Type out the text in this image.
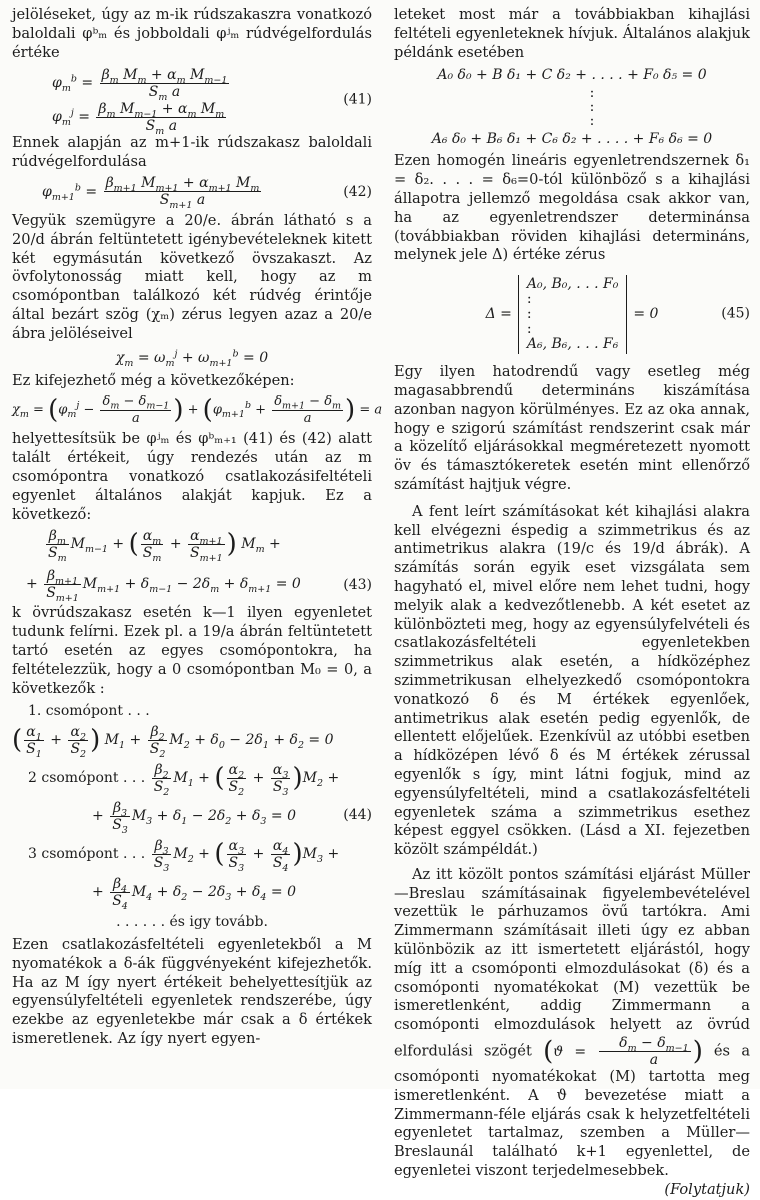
jelöléseket, úgy az m-ik rúdszakaszra vonatkozó baloldali φᵇₘ és jobboldali φʲₘ rúdvégelfordulás értéke

$\varphi_m^b = \frac{\beta_m M_m + \alpha_m M_{m-1}}{S_m a}$
$\varphi_m^j = \frac{\beta_m M_{m-1} + \alpha_m M_m}{S_m a}$
(41)

Ennek alapján az m+1-ik rúdszakasz baloldali rúdvégelfordulása

$\varphi_{m+1}^b = \frac{\beta_{m+1} M_{m+1} + \alpha_{m+1} M_m}{S_{m+1} a}$	(42)

Vegyük szemügyre a 20/e. ábrán látható s a 20/d ábrán feltüntetett igénybevételeknek kitett két egymásután következő övszakaszt. Az övfolytonosság miatt kell, hogy az m csomópontban találkozó két rúdvég érintője által bezárt szög (χₘ) zérus legyen azaz a 20/e ábra jelöléseivel

$\chi_m = \omega_m^j + \omega_{m+1}^b = 0$

Ez kifejezhető még a következőképen:

$\chi_m = (\varphi_m^j - \frac{\delta_m - \delta_{m-1}}{a}$ ) + ($\varphi_{m+1}^b + \frac{\delta_{m+1} - \delta_m}{a}$ ) = a

helyettesítsük be φʲₘ és φᵇₘ₊₁ (41) és (42) alatt talált értékeit, úgy rendezés után az m csomópontra vonatkozó csatlakozásifeltételi egyenlet általános alakját kapjuk. Ez a következő:

$\frac{\beta_m}{S_m} M_{m-1}$ + ( $\frac{\alpha_m}{S_m} + \frac{\alpha_{m+1}}{S_{m+1}}$ ) $M_m$ +
+ $\frac{\beta_{m+1}}{S_{m+1}} M_{m+1} + \delta_{m-1} - 2\delta_m + \delta_{m+1} = 0$	(43)

k övrúdszakasz esetén k—1 ilyen egyenletet tudunk felírni. Ezek pl. a 19/a ábrán feltüntetett tartó esetén az egyes csomópontokra, ha feltételezzük, hogy a 0 csomópontban M₀ = 0, a következők :

1. csomópont . . .
( $\frac{\alpha_1}{S_1} + \frac{\alpha_2}{S_2}$ ) $M_1 + \frac{\beta_2}{S_2} M_2 + \delta_0 - 2\delta_1 + \delta_2 = 0$
2 csomópont . . . $\frac{\beta_2}{S_2} M_1$ + ( $\frac{\alpha_2}{S_2} + \frac{\alpha_3}{S_3} )M_2$ +
+ $\frac{\beta_3}{S_3} M_3 + \delta_1 - 2\delta_2 + \delta_3 = 0$	(44)
3 csomópont . . . $\frac{\beta_3}{S_3} M_2$ + ( $\frac{\alpha_3}{S_3} + \frac{\alpha_4}{S_4} )M_3$ +
+ $\frac{\beta_4}{S_4} M_4 + \delta_2 - 2\delta_3 + \delta_4 = 0$
. . . . . . és igy tovább.

Ezen csatlakozásfeltételi egyenletekből a M nyomatékok a δ-ák függvényeként kifejezhetők. Ha az M így nyert értékeit behelyettesítjük az egyensúlyfeltételi egyenletek rendszerébe, úgy ezekbe az egyenletekbe már csak a δ értékek ismeretlenek. Az így nyert egyen-

leteket most már a továbbiakban kihajlási feltételi egyenleteknek hívjuk. Általános alakjuk példánk esetében

A₀ δ₀ + B δ₁ + C δ₂ + . . . . + F₀ δ₅ = 0
:
:
:
A₆ δ₀ + B₆ δ₁ + C₆ δ₂ + . . . . + F₆ δ₆ = 0

Ezen homogén lineáris egyenletrendszernek δ₁ = δ₂. . . . = δ₆=0-tól különböző s a kihajlási állapotra jellemző megoldása csak akkor van, ha az egyenletrendszer determinánsa (továbbiakban röviden kihajlási determináns, melynek jele Δ) értéke zérus

Δ =
A₀, B₀, . . . F₀
:
:
:
A₆, B₆, . . . F₆
= 0	(45)

Egy ilyen hatodrendű vagy esetleg még magasabbrendű determináns kiszámítása azonban nagyon körülményes. Ez az oka annak, hogy e szigorú számítást rendszerint csak már a közelítő eljárásokkal megméretezett nyomott öv és támasztókeretek esetén mint ellenőrző számítást hajtjuk végre.

A fent leírt számításokat két kihajlási alakra kell elvégezni éspedig a szimmetrikus és az antimetrikus alakra (19/c és 19/d ábrák). A számítás során egyik eset vizsgálata sem hagyható el, mivel előre nem lehet tudni, hogy melyik alak a kedvezőtlenebb. A két esetet az különbözteti meg, hogy az egyensúlyfelvételi és csatlakozásfeltételi egyenletekben szimmetrikus alak esetén, a hídközéphez szimmetrikusan elhelyezkedő csomópontokra vonatkozó δ és M értékek egyenlőek, antimetrikus alak esetén pedig egyenlők, de ellentett előjelűek. Ezenkívül az utóbbi esetben a hídközépen lévő δ és M értékek zérussal egyenlők s így, mint látni fogjuk, mind az egyensúlyfeltételi, mind a csatlakozásfeltételi egyenletek száma a szimmetrikus esethez képest eggyel csökken. (Lásd a XI. fejezetben közölt számpéldát.)

Az itt közölt pontos számítási eljárást Müller—Breslau számításainak figyelembevételével vezettük le párhuzamos övű tartókra. Ami Zimmermann számításait illeti úgy ez abban különbözik az itt ismertetett eljárástól, hogy míg itt a csomóponti elmozdulásokat (δ) és a csomóponti nyomatékokat (M) vezettük be ismeretlenként, addig Zimmermann a csomóponti elmozdulások helyett az övrúd elfordulási szögét ($ϑ = \frac{\delta_m - \delta_{m-1}}{a}$ ) és a csomóponti nyomatékokat (M) tartotta meg ismeretlenként. A ϑ bevezetése miatt a Zimmermann-féle eljárás csak k helyzetfeltételi egyenletet tartalmaz, szemben a Müller—Breslaunál található k+1 egyenlettel, de egyenletei viszont terjedelmesebbek.

(Folytatjuk)
